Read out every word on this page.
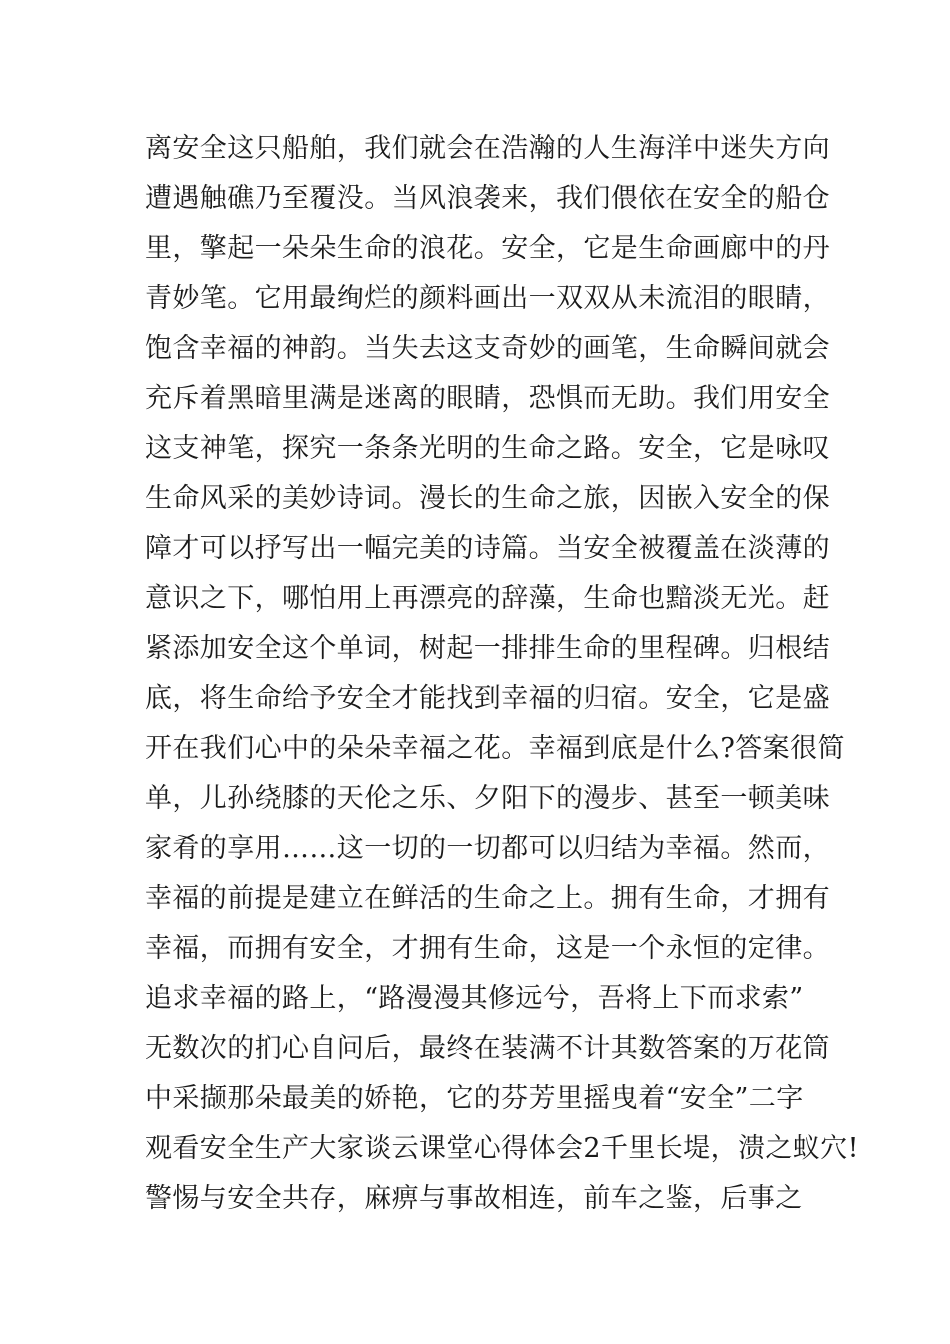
离安全这只船舶，我们就会在浩瀚的人生海洋中迷失方向
遭遇触礁乃至覆没。当风浪袭来，我们偎依在安全的船仓
里，擎起一朵朵生命的浪花。安全，它是生命画廊中的丹
青妙笔。它用最绚烂的颜料画出一双双从未流泪的眼睛，
饱含幸福的神韵。当失去这支奇妙的画笔，生命瞬间就会
充斥着黑暗里满是迷离的眼睛，恐惧而无助。我们用安全
这支神笔，探究一条条光明的生命之路。安全，它是咏叹
生命风采的美妙诗词。漫长的生命之旅，因嵌入安全的保
障才可以抒写出一幅完美的诗篇。当安全被覆盖在淡薄的
意识之下，哪怕用上再漂亮的辞藻，生命也黯淡无光。赶
紧添加安全这个单词，树起一排排生命的里程碑。归根结
底，将生命给予安全才能找到幸福的归宿。安全，它是盛
开在我们心中的朵朵幸福之花。幸福到底是什么?答案很简
单，儿孙绕膝的天伦之乐、夕阳下的漫步、甚至一顿美味
家肴的享用……这一切的一切都可以归结为幸福。然而，
幸福的前提是建立在鲜活的生命之上。拥有生命，才拥有
幸福，而拥有安全，才拥有生命，这是一个永恒的定律。
追求幸福的路上，“路漫漫其修远兮，吾将上下而求索”
无数次的扪心自问后，最终在装满不计其数答案的万花筒
中采撷那朵最美的娇艳，它的芬芳里摇曳着“安全”二字
观看安全生产大家谈云课堂心得体会2千里长堤，溃之蚁穴!
警惕与安全共存，麻痹与事故相连，前车之鉴，后事之
